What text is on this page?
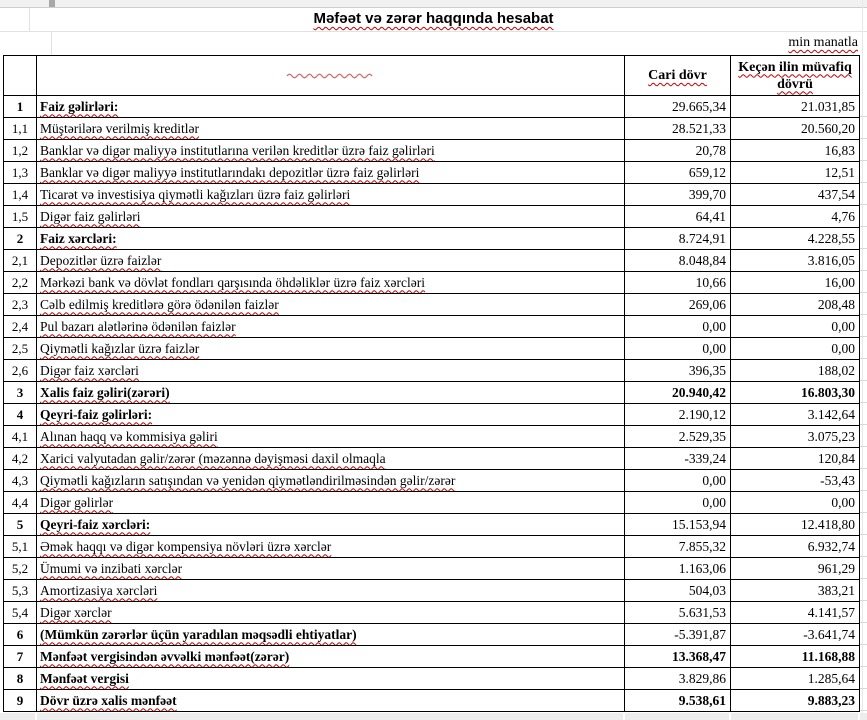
Məfəət və zərər haqqında hesabat
min manatla
		Cari dövr	Keçən ilin müvafiq dövrü
1	Faiz gəlirləri:	29.665,34	21.031,85
1,1	Müştərilərə verilmiş kreditlər	28.521,33	20.560,20
1,2	Banklar və digər maliyyə institutlarına verilən kreditlər üzrə faiz gəlirləri	20,78	16,83
1,3	Banklar və digər maliyyə institutlarındakı depozitlər üzrə faiz gəlirləri	659,12	12,51
1,4	Ticarət və investisiya qiymətli kağızları üzrə faiz gəlirləri	399,70	437,54
1,5	Digər faiz gəlirləri	64,41	4,76
2	Faiz xərcləri:	8.724,91	4.228,55
2,1	Depozitlər üzrə faizlər	8.048,84	3.816,05
2,2	Mərkəzi bank və dövlət fondları qarşısında öhdəliklər üzrə faiz xərcləri	10,66	16,00
2,3	Cəlb edilmiş kreditlərə görə ödənilən faizlər	269,06	208,48
2,4	Pul bazarı alətlərinə ödənilən faizlər	0,00	0,00
2,5	Qiymətli kağızlar üzrə faizlər	0,00	0,00
2,6	Digər faiz xərcləri	396,35	188,02
3	Xalis faiz gəliri(zərəri)	20.940,42	16.803,30
4	Qeyri-faiz gəlirləri:	2.190,12	3.142,64
4,1	Alınan haqq və kommisiya gəliri	2.529,35	3.075,23
4,2	Xarici valyutadan gəlir/zərər (məzənnə dəyişməsi daxil olmaqla	-339,24	120,84
4,3	Qiymətli kağızların satışından və yenidən qiymətləndirilməsindən gəlir/zərər	0,00	-53,43
4,4	Digər gəlirlər	0,00	0,00
5	Qeyri-faiz xərcləri:	15.153,94	12.418,80
5,1	Əmək haqqı və digər kompensiya növləri üzrə xərclər	7.855,32	6.932,74
5,2	Ümumi və inzibati xərclər	1.163,06	961,29
5,3	Amortizasiya xərcləri	504,03	383,21
5,4	Digər xərclər	5.631,53	4.141,57
6	(Mümkün zərərlər üçün yaradılan məqsədli ehtiyatlar)	-5.391,87	-3.641,74
7	Mənfəət vergisindən əvvəlki mənfəət(zərər)	13.368,47	11.168,88
8	Mənfəət vergisi	3.829,86	1.285,64
9	Dövr üzrə xalis mənfəət	9.538,61	9.883,23
